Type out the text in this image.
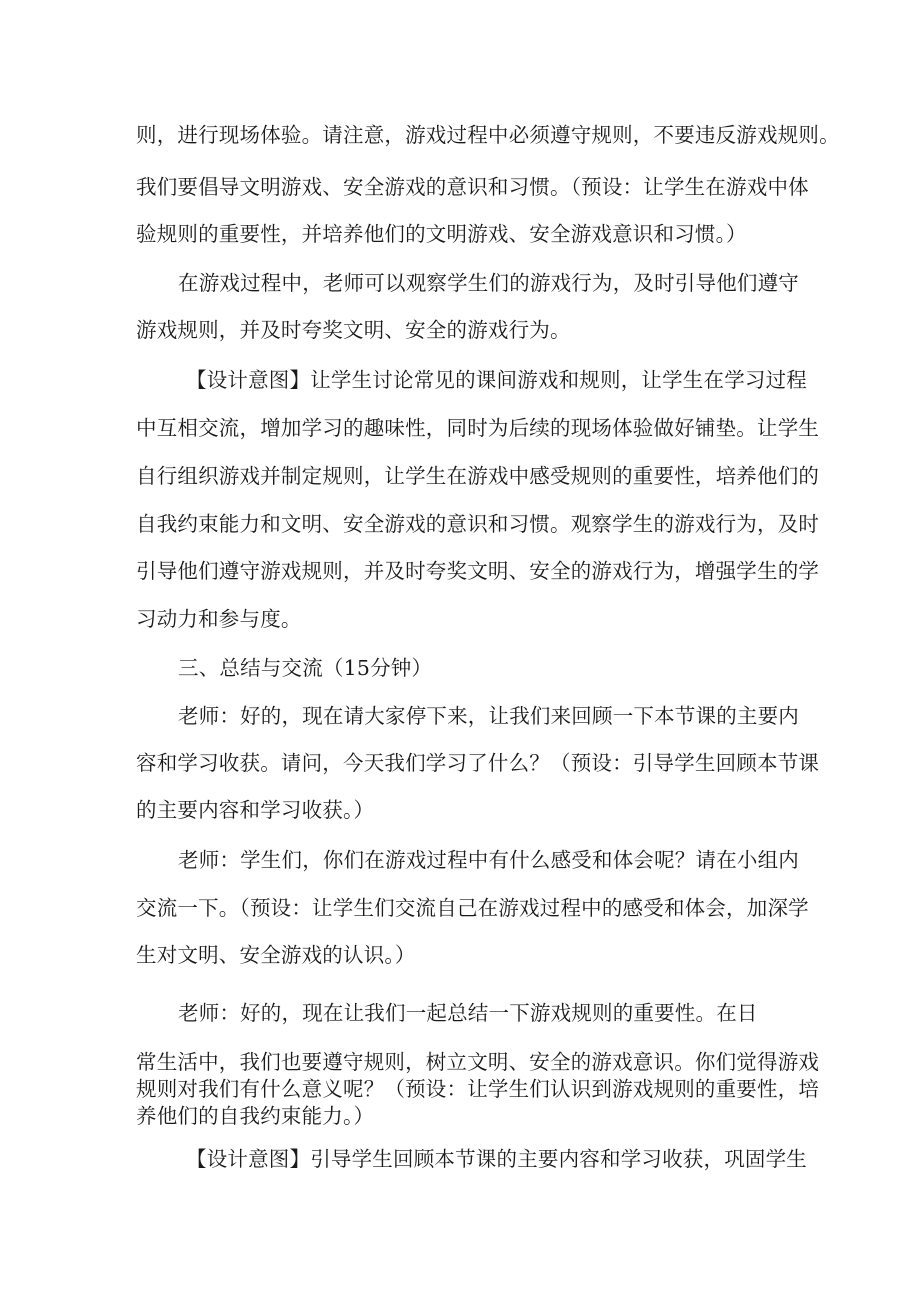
则，进行现场体验。请注意，游戏过程中必须遵守规则，不要违反游戏规则。
我们要倡导文明游戏、安全游戏的意识和习惯。（预设：让学生在游戏中体
验规则的重要性，并培养他们的文明游戏、安全游戏意识和习惯。）
在游戏过程中，老师可以观察学生们的游戏行为，及时引导他们遵守
游戏规则，并及时夸奖文明、安全的游戏行为。
【设计意图】让学生讨论常见的课间游戏和规则，让学生在学习过程
中互相交流，增加学习的趣味性，同时为后续的现场体验做好铺垫。让学生
自行组织游戏并制定规则，让学生在游戏中感受规则的重要性，培养他们的
自我约束能力和文明、安全游戏的意识和习惯。观察学生的游戏行为，及时
引导他们遵守游戏规则，并及时夸奖文明、安全的游戏行为，增强学生的学
习动力和参与度。
三、总结与交流（15分钟）
老师：好的，现在请大家停下来，让我们来回顾一下本节课的主要内
容和学习收获。请问，今天我们学习了什么？（预设：引导学生回顾本节课
的主要内容和学习收获。）
老师：学生们，你们在游戏过程中有什么感受和体会呢？请在小组内
交流一下。（预设：让学生们交流自己在游戏过程中的感受和体会，加深学
生对文明、安全游戏的认识。）
老师：好的，现在让我们一起总结一下游戏规则的重要性。在日
常生活中，我们也要遵守规则，树立文明、安全的游戏意识。你们觉得游戏
规则对我们有什么意义呢？（预设：让学生们认识到游戏规则的重要性，培
养他们的自我约束能力。）
【设计意图】引导学生回顾本节课的主要内容和学习收获，巩固学生
